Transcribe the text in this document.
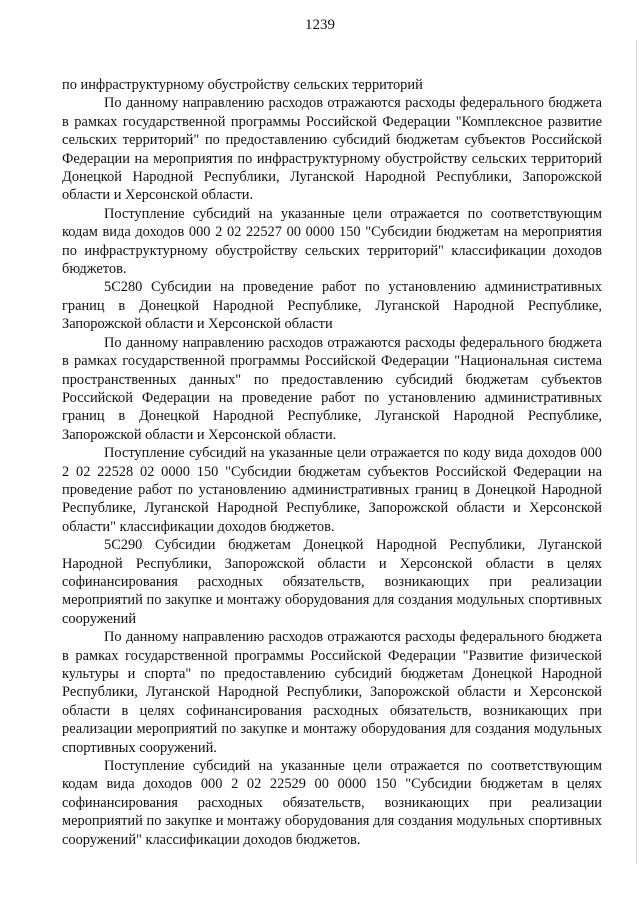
1239

по инфраструктурному обустройству сельских территорий

По данному направлению расходов отражаются расходы федерального бюджета в рамках государственной программы Российской Федерации "Комплексное развитие сельских территорий" по предоставлению субсидий бюджетам субъектов Российской Федерации на мероприятия по инфраструктурному обустройству сельских территорий Донецкой Народной Республики, Луганской Народной Республики, Запорожской области и Херсонской области.

Поступление субсидий на указанные цели отражается по соответствующим кодам вида доходов 000 2 02 22527 00 0000 150 "Субсидии бюджетам на мероприятия по инфраструктурному обустройству сельских территорий" классификации доходов бюджетов.

5С280 Субсидии на проведение работ по установлению административных границ в Донецкой Народной Республике, Луганской Народной Республике, Запорожской области и Херсонской области

По данному направлению расходов отражаются расходы федерального бюджета в рамках государственной программы Российской Федерации "Национальная система пространственных данных" по предоставлению субсидий бюджетам субъектов Российской Федерации на проведение работ по установлению административных границ в Донецкой Народной Республике, Луганской Народной Республике, Запорожской области и Херсонской области.

Поступление субсидий на указанные цели отражается по коду вида доходов 000 2 02 22528 02 0000 150 "Субсидии бюджетам субъектов Российской Федерации на проведение работ по установлению административных границ в Донецкой Народной Республике, Луганской Народной Республике, Запорожской области и Херсонской области" классификации доходов бюджетов.

5С290 Субсидии бюджетам Донецкой Народной Республики, Луганской Народной Республики, Запорожской области и Херсонской области в целях софинансирования расходных обязательств, возникающих при реализации мероприятий по закупке и монтажу оборудования для создания модульных спортивных сооружений

По данному направлению расходов отражаются расходы федерального бюджета в рамках государственной программы Российской Федерации "Развитие физической культуры и спорта" по предоставлению субсидий бюджетам Донецкой Народной Республики, Луганской Народной Республики, Запорожской области и Херсонской области в целях софинансирования расходных обязательств, возникающих при реализации мероприятий по закупке и монтажу оборудования для создания модульных спортивных сооружений.

Поступление субсидий на указанные цели отражается по соответствующим кодам вида доходов 000 2 02 22529 00 0000 150 "Субсидии бюджетам в целях софинансирования расходных обязательств, возникающих при реализации мероприятий по закупке и монтажу оборудования для создания модульных спортивных сооружений" классификации доходов бюджетов.
